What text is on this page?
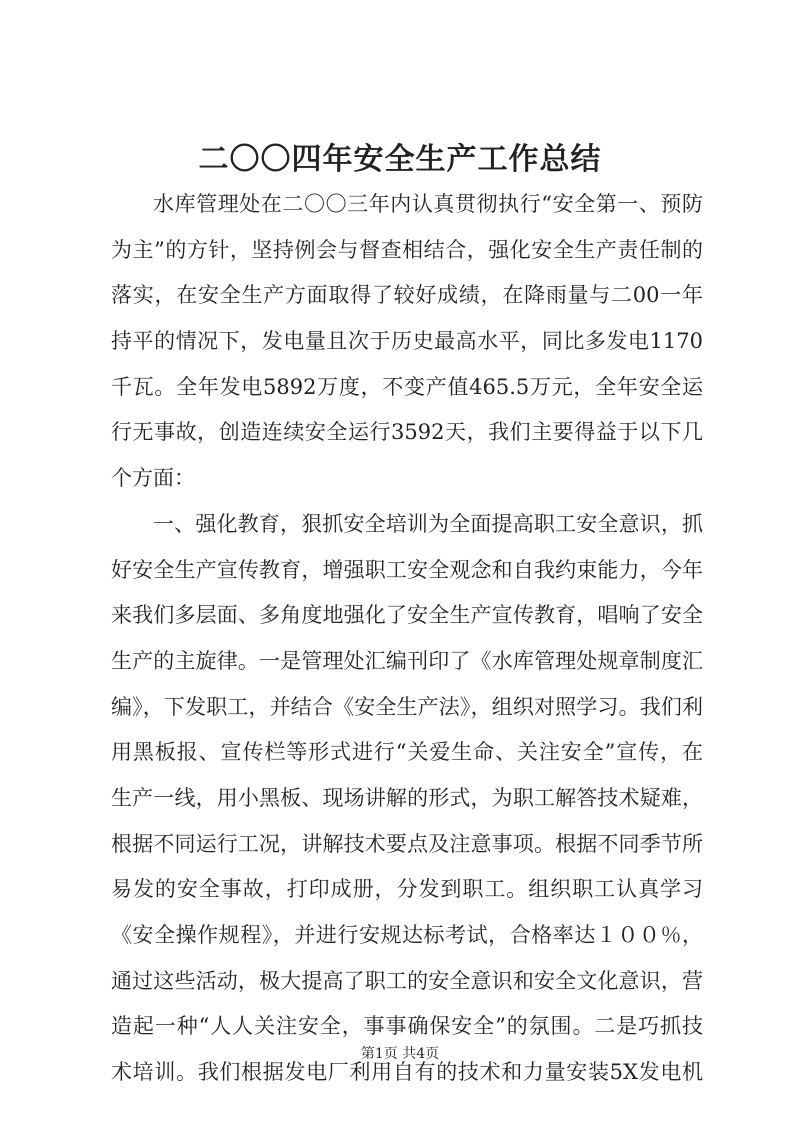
二〇〇四年安全生产工作总结
水库管理处在二〇〇三年内认真贯彻执行“安全第一、预防
为主”的方针，坚持例会与督查相结合，强化安全生产责任制的
落实，在安全生产方面取得了较好成绩，在降雨量与二00一年
持平的情况下，发电量且次于历史最高水平，同比多发电1170
千瓦。全年发电5892万度，不变产值465.5万元，全年安全运
行无事故，创造连续安全运行3592天，我们主要得益于以下几
个方面：
一、强化教育，狠抓安全培训为全面提高职工安全意识，抓
好安全生产宣传教育，增强职工安全观念和自我约束能力，今年
来我们多层面、多角度地强化了安全生产宣传教育，唱响了安全
生产的主旋律。一是管理处汇编刊印了《水库管理处规章制度汇
编》，下发职工，并结合《安全生产法》，组织对照学习。我们利
用黑板报、宣传栏等形式进行“关爱生命、关注安全”宣传，在
生产一线，用小黑板、现场讲解的形式，为职工解答技术疑难，
根据不同运行工况，讲解技术要点及注意事项。根据不同季节所
易发的安全事故，打印成册，分发到职工。组织职工认真学习
《安全操作规程》，并进行安规达标考试，合格率达１００％，
通过这些活动，极大提高了职工的安全意识和安全文化意识，营
造起一种“人人关注安全，事事确保安全”的氛围。二是巧抓技
术培训。我们根据发电厂利用自有的技术和力量安装5X发电机
第1页 共4页
